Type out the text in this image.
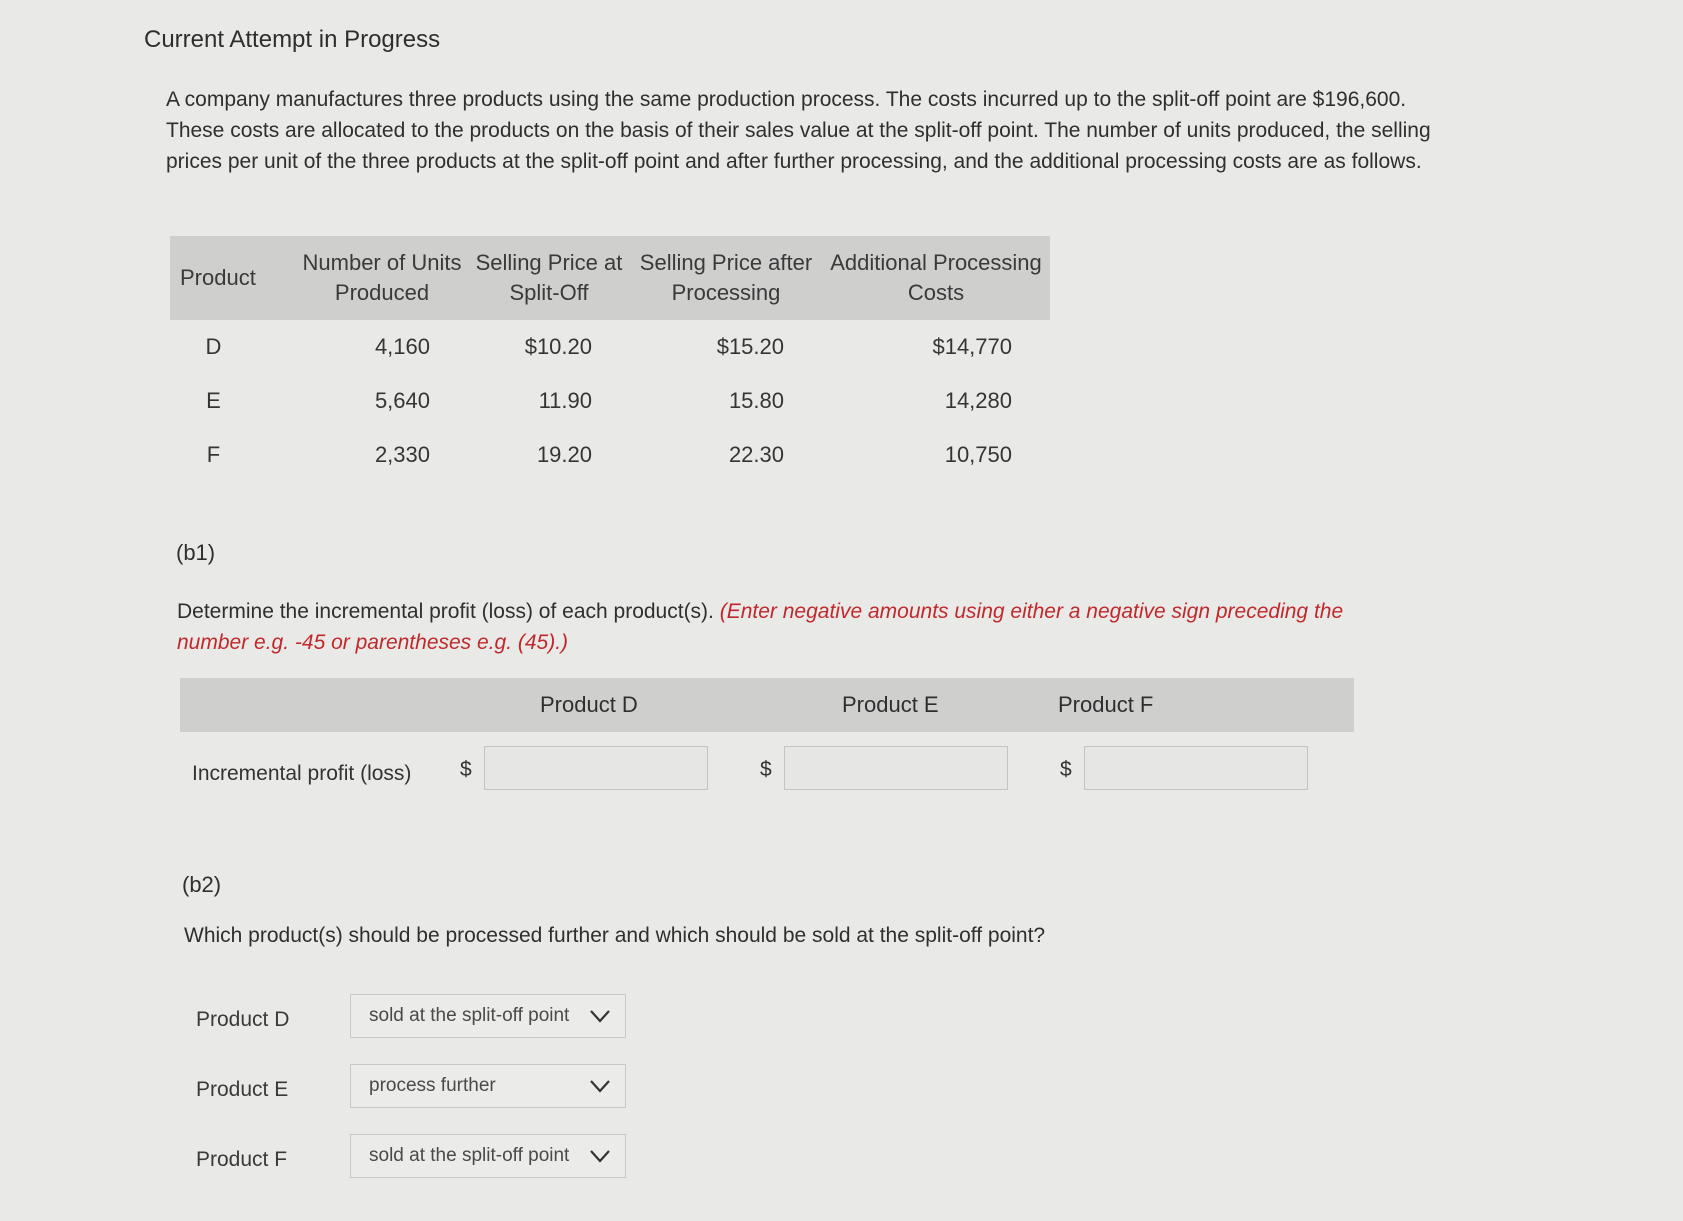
Current Attempt in Progress
A company manufactures three products using the same production process. The costs incurred up to the split-off point are $196,600. These costs are allocated to the products on the basis of their sales value at the split-off point. The number of units produced, the selling prices per unit of the three products at the split-off point and after further processing, and the additional processing costs are as follows.
Product	Number of Units Produced	Selling Price at Split-Off	Selling Price after Processing	Additional Processing Costs
D	4,160	$10.20	$15.20	$14,770
E	5,640	11.90	15.80	14,280
F	2,330	19.20	22.30	10,750
(b1)
Determine the incremental profit (loss) of each product(s). (Enter negative amounts using either a negative sign preceding the number e.g. -45 or parentheses e.g. (45).)
Product D	Product E	Product F
Incremental profit (loss) $	$	$
(b2)
Which product(s) should be processed further and which should be sold at the split-off point?
Product D	sold at the split-off point
Product E	process further
Product F	sold at the split-off point
